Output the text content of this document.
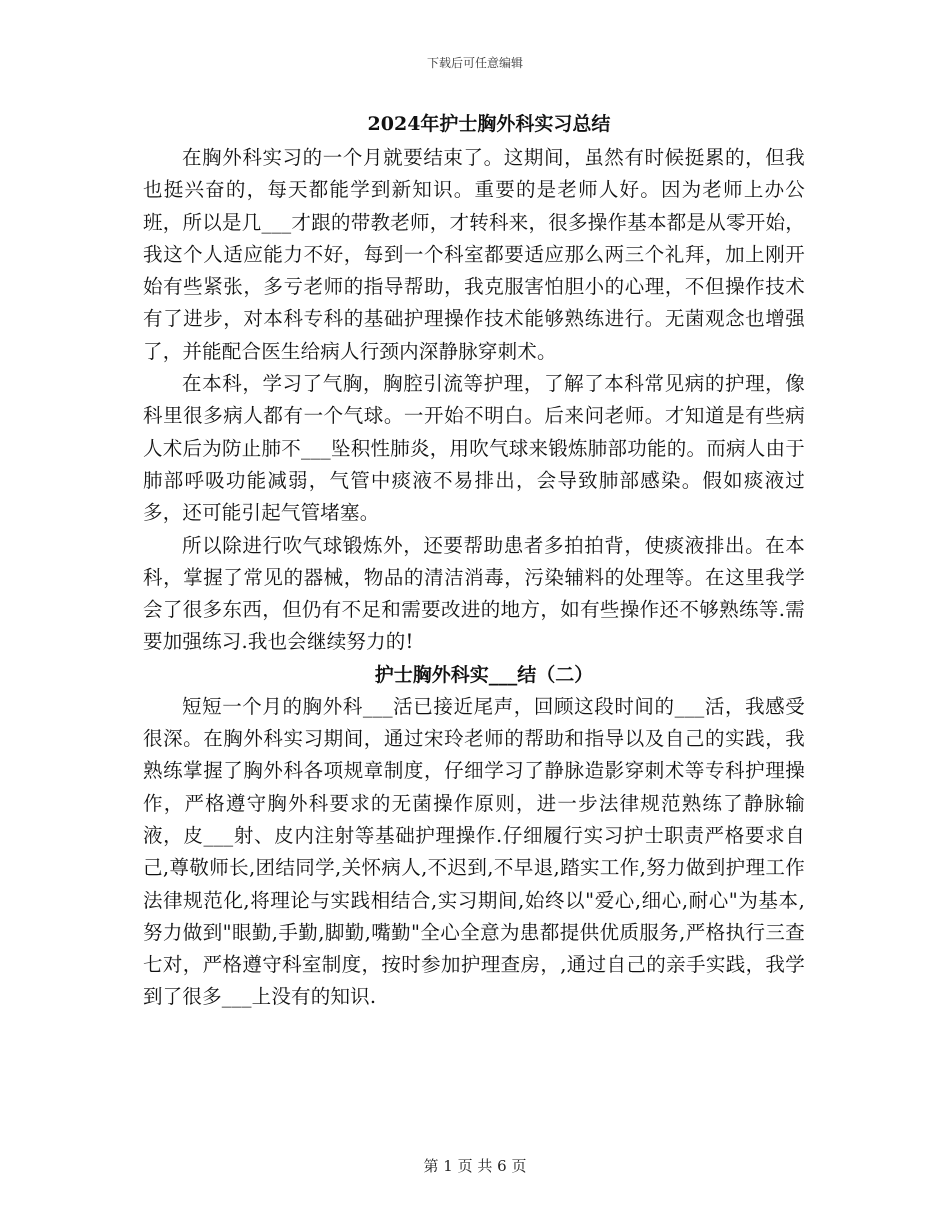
下载后可任意编辑
2024年护士胸外科实习总结

在胸外科实习的一个月就要结束了。这期间，虽然有时候挺累的，但我也挺兴奋的，每天都能学到新知识。重要的是老师人好。因为老师上办公班，所以是几___才跟的带教老师，才转科来，很多操作基本都是从零开始，我这个人适应能力不好，每到一个科室都要适应那么两三个礼拜，加上刚开始有些紧张，多亏老师的指导帮助，我克服害怕胆小的心理，不但操作技术有了进步，对本科专科的基础护理操作技术能够熟练进行。无菌观念也增强了，并能配合医生给病人行颈内深静脉穿刺术。

在本科，学习了气胸，胸腔引流等护理，了解了本科常见病的护理，像科里很多病人都有一个气球。一开始不明白。后来问老师。才知道是有些病人术后为防止肺不___坠积性肺炎，用吹气球来锻炼肺部功能的。而病人由于肺部呼吸功能减弱，气管中痰液不易排出，会导致肺部感染。假如痰液过多，还可能引起气管堵塞。

所以除进行吹气球锻炼外，还要帮助患者多拍拍背，使痰液排出。在本科，掌握了常见的器械，物品的清洁消毒，污染辅料的处理等。在这里我学会了很多东西，但仍有不足和需要改进的地方，如有些操作还不够熟练等.需要加强练习.我也会继续努力的!

护士胸外科实___结（二）

短短一个月的胸外科___活已接近尾声，回顾这段时间的___活，我感受很深。在胸外科实习期间，通过宋玲老师的帮助和指导以及自己的实践，我熟练掌握了胸外科各项规章制度，仔细学习了静脉造影穿刺术等专科护理操作，严格遵守胸外科要求的无菌操作原则，进一步法律规范熟练了静脉输液，皮___射、皮内注射等基础护理操作.仔细履行实习护士职责严格要求自己,尊敬师长,团结同学,关怀病人,不迟到,不早退,踏实工作,努力做到护理工作法律规范化,将理论与实践相结合,实习期间,始终以"爱心,细心,耐心"为基本,努力做到"眼勤,手勤,脚勤,嘴勤"全心全意为患都提供优质服务,严格执行三查七对，严格遵守科室制度，按时参加护理查房，,通过自己的亲手实践，我学到了很多___上没有的知识.

第 1 页 共 6 页
